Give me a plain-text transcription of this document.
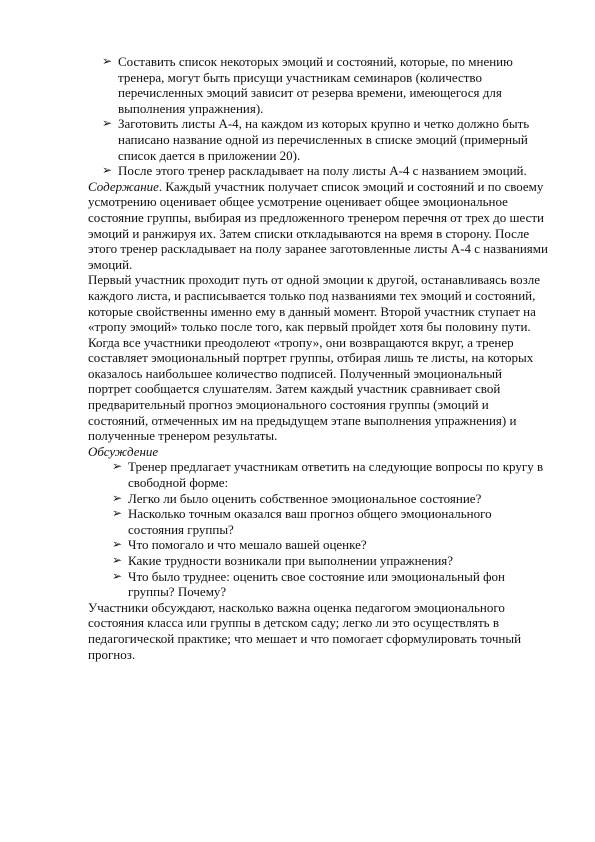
➢ Составить список некоторых эмоций и состояний, которые, по мнению тренера, могут быть присущи участникам семинаров (количество перечисленных эмоций зависит от резерва времени, имеющегося для выполнения упражнения).
➢ Заготовить листы А-4, на каждом из которых крупно и четко должно быть написано название одной из перечисленных в списке эмоций (примерный список дается в приложении 20).
➢ После этого тренер раскладывает на полу листы А-4 с названием эмоций.

Содержание. Каждый участник получает список эмоций и состояний и по своему усмотрению оценивает общее усмотрение оценивает общее эмоциональное состояние группы, выбирая из предложенного тренером перечня от трех до шести эмоций и ранжируя их. Затем списки откладываются на время в сторону. После этого тренер раскладывает на полу заранее заготовленные листы А-4 с названиями эмоций.

Первый участник проходит путь от одной эмоции к другой, останавливаясь возле каждого листа, и расписывается только под названиями тех эмоций и состояний, которые свойственны именно ему в данный момент. Второй участник ступает на «тропу эмоций» только после того, как первый пройдет хотя бы половину пути.

Когда все участники преодолеют «тропу», они возвращаются вкруг, а тренер составляет эмоциональный портрет группы, отбирая лишь те листы, на которых оказалось наибольшее количество подписей. Полученный эмоциональный портрет сообщается слушателям. Затем каждый участник сравнивает свой предварительный прогноз эмоционального состояния группы (эмоций и состояний, отмеченных им на предыдущем этапе выполнения упражнения) и полученные тренером результаты.

Обсуждение

➢ Тренер предлагает участникам ответить на следующие вопросы по кругу в свободной форме:
➢ Легко ли было оценить собственное эмоциональное состояние?
➢ Насколько точным оказался ваш прогноз общего эмоционального состояния группы?
➢ Что помогало и что мешало вашей оценке?
➢ Какие трудности возникали при выполнении упражнения?
➢ Что было труднее: оценить свое состояние или эмоциональный фон группы? Почему?

Участники обсуждают, насколько важна оценка педагогом эмоционального состояния класса или группы в детском саду; легко ли это осуществлять в педагогической практике; что мешает и что помогает сформулировать точный прогноз.
